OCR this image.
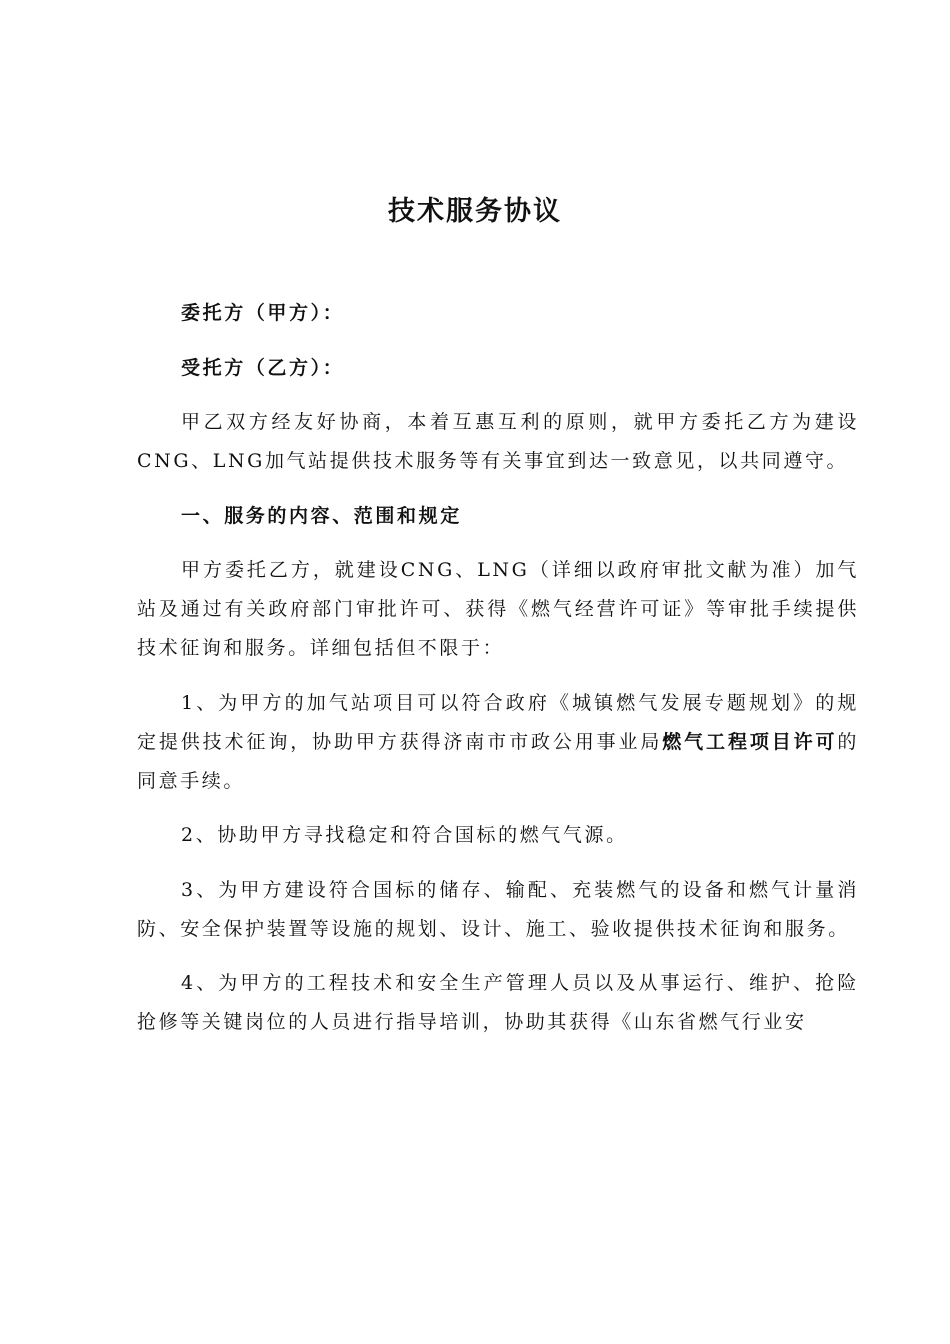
技术服务协议

委托方（甲方）：

受托方（乙方）：

甲乙双方经友好协商，本着互惠互利的原则，就甲方委托乙方为建设CNG、LNG加气站提供技术服务等有关事宜到达一致意见，以共同遵守。

一、服务的内容、范围和规定

甲方委托乙方，就建设CNG、LNG（详细以政府审批文献为准）加气站及通过有关政府部门审批许可、获得《燃气经营许可证》等审批手续提供技术征询和服务。详细包括但不限于：

1、为甲方的加气站项目可以符合政府《城镇燃气发展专题规划》的规定提供技术征询，协助甲方获得济南市市政公用事业局燃气工程项目许可的同意手续。

2、协助甲方寻找稳定和符合国标的燃气气源。

3、为甲方建设符合国标的储存、输配、充装燃气的设备和燃气计量消防、安全保护装置等设施的规划、设计、施工、验收提供技术征询和服务。

4、为甲方的工程技术和安全生产管理人员以及从事运行、维护、抢险抢修等关键岗位的人员进行指导培训，协助其获得《山东省燃气行业安
